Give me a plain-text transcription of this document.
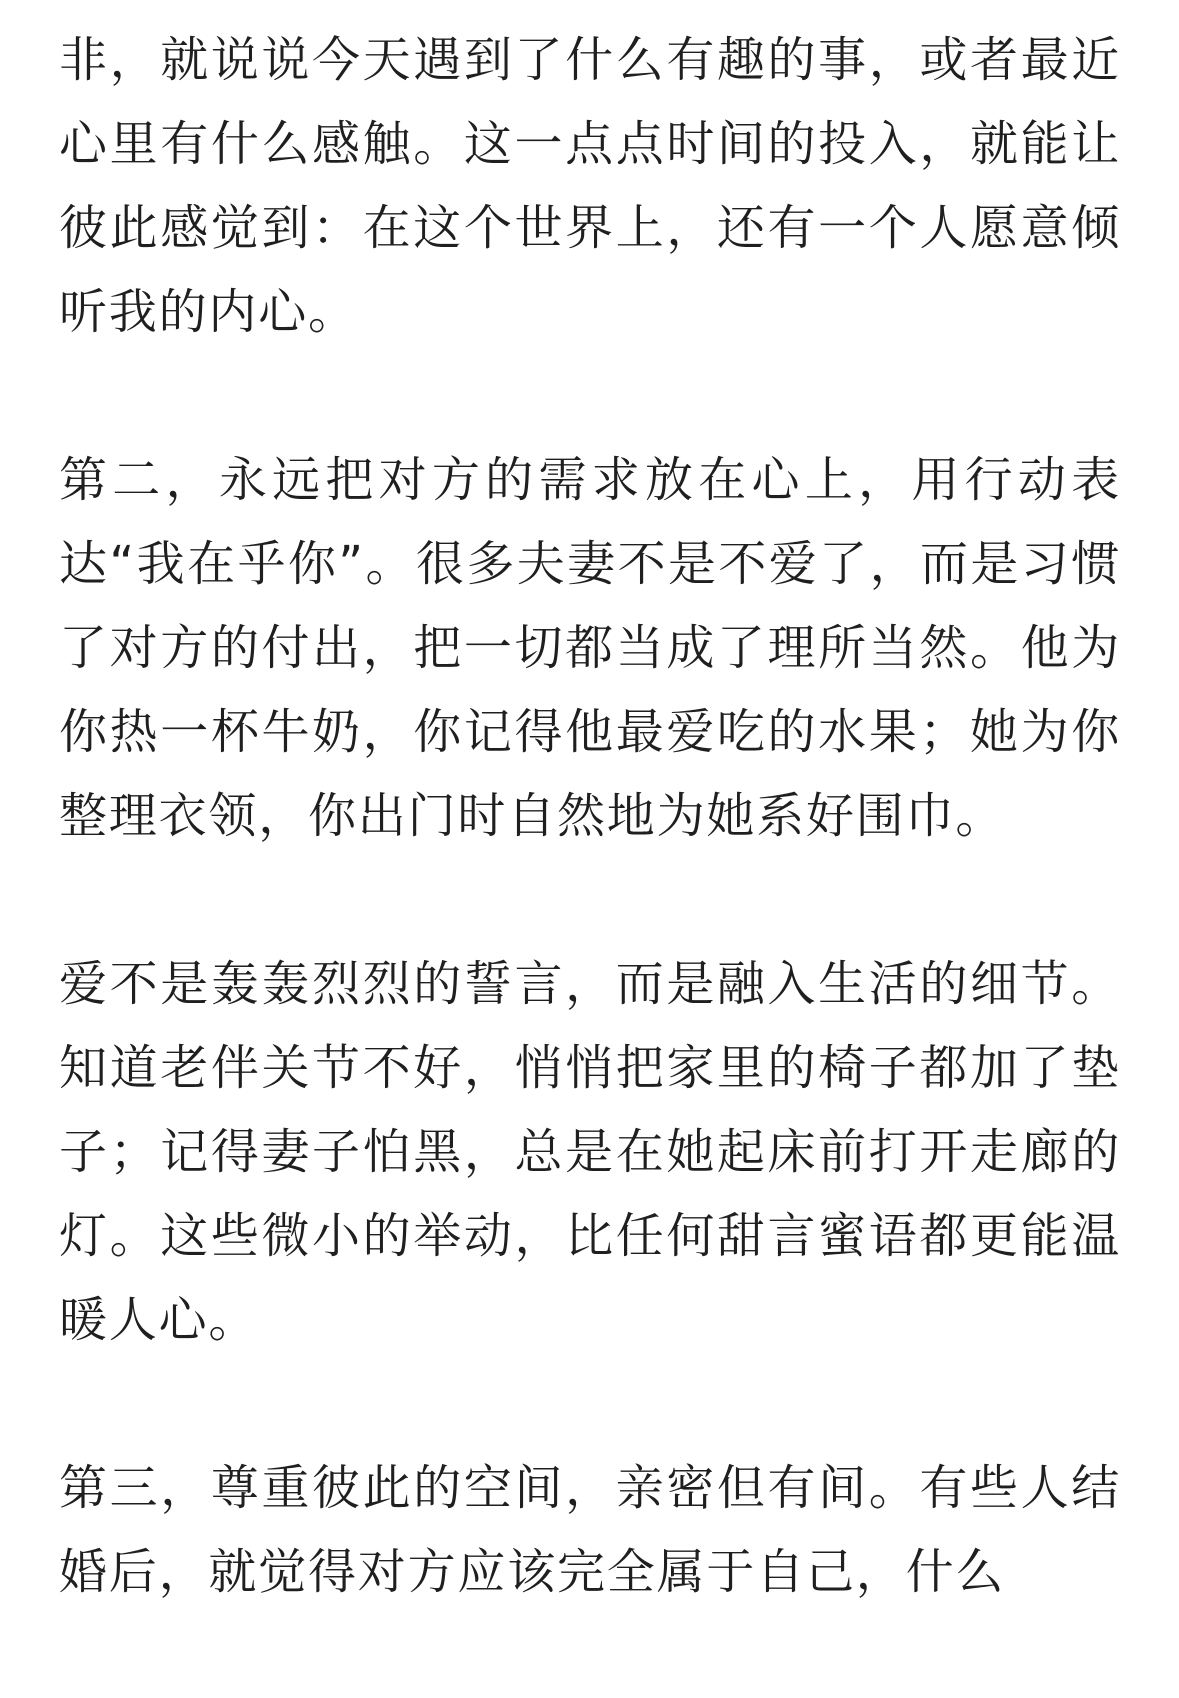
非，就说说今天遇到了什么有趣的事，或者最近心里有什么感触。这一点点时间的投入，就能让彼此感觉到：在这个世界上，还有一个人愿意倾听我的内心。

第二，永远把对方的需求放在心上，用行动表达“我在乎你”。很多夫妻不是不爱了，而是习惯了对方的付出，把一切都当成了理所当然。他为你热一杯牛奶，你记得他最爱吃的水果；她为你整理衣领，你出门时自然地为她系好围巾。

爱不是轰轰烈烈的誓言，而是融入生活的细节。知道老伴关节不好，悄悄把家里的椅子都加了垫子；记得妻子怕黑，总是在她起床前打开走廊的灯。这些微小的举动，比任何甜言蜜语都更能温暖人心。

第三，尊重彼此的空间，亲密但有间。有些人结婚后，就觉得对方应该完全属于自己，什么
